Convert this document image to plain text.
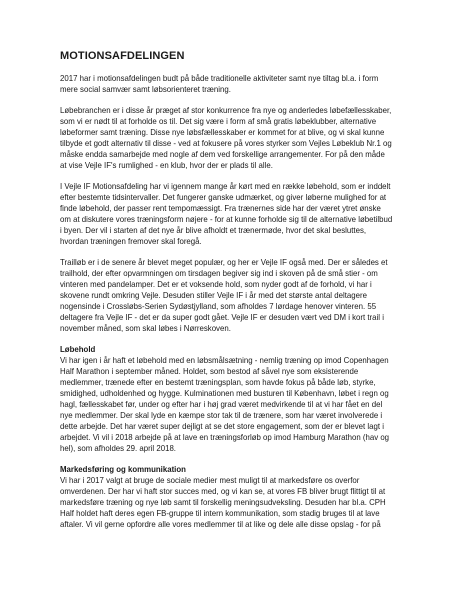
MOTIONSAFDELINGEN
2017 har i motionsafdelingen budt på både traditionelle aktiviteter samt nye tiltag bl.a. i form
mere social samvær samt løbsorienteret træning.
Løbebranchen er i disse år præget af stor konkurrence fra nye og anderledes løbefællesskaber,
som vi er nødt til at forholde os til. Det sig være i form af små gratis løbeklubber, alternative
løbeformer samt træning. Disse nye løbsfællesskaber er kommet for at blive, og vi skal kunne
tilbyde et godt alternativ til disse - ved at fokusere på vores styrker som Vejles Løbeklub Nr.1 og
måske endda samarbejde med nogle af dem ved forskellige arrangementer. For på den måde
at vise Vejle IF's rumlighed - en klub, hvor der er plads til alle.
I Vejle IF Motionsafdeling har vi igennem mange år kørt med en række løbehold, som er inddelt
efter bestemte tidsintervaller. Det fungerer ganske udmærket, og giver løberne mulighed for at
finde løbehold, der passer rent tempomæssigt. Fra trænernes side har der været ytret ønske
om at diskutere vores træningsform nøjere - for at kunne forholde sig til de alternative løbetilbud
i byen. Der vil i starten af det nye år blive afholdt et trænermøde, hvor det skal besluttes,
hvordan træningen fremover skal foregå.
Trailløb er i de senere år blevet meget populær, og her er Vejle IF også med. Der er således et
trailhold, der efter opvarmningen om tirsdagen begiver sig ind i skoven på de små stier - om
vinteren med pandelamper. Det er et voksende hold, som nyder godt af de forhold, vi har i
skovene rundt omkring Vejle. Desuden stiller Vejle IF i år med det største antal deltagere
nogensinde i Crossløbs-Serien Sydøstjylland, som afholdes 7 lørdage henover vinteren. 55
deltagere fra Vejle IF - det er da super godt gået. Vejle IF er desuden vært ved DM i kort trail i
november måned, som skal løbes i Nørreskoven.
Løbehold
Vi har igen i år haft et løbehold med en løbsmålsætning - nemlig træning op imod Copenhagen
Half Marathon i september måned. Holdet, som bestod af såvel nye som eksisterende
medlemmer, trænede efter en bestemt træningsplan, som havde fokus på både løb, styrke,
smidighed, udholdenhed og hygge. Kulminationen med busturen til København, løbet i regn og
hagl, fællesskabet før, under og efter har i høj grad været medvirkende til at vi har fået en del
nye medlemmer. Der skal lyde en kæmpe stor tak til de trænere, som har været involverede i
dette arbejde. Det har været super dejligt at se det store engagement, som der er blevet lagt i
arbejdet. Vi vil i 2018 arbejde på at lave en træningsforløb op imod Hamburg Marathon (hav og
hel), som afholdes 29. april 2018.
Markedsføring og kommunikation
Vi har i 2017 valgt at bruge de sociale medier mest muligt til at markedsføre os overfor
omverdenen. Der har vi haft stor succes med, og vi kan se, at vores FB bliver brugt flittigt til at
markedsføre træning og nye løb samt til forskellig meningsudveksling. Desuden har bl.a. CPH
Half holdet haft deres egen FB-gruppe til intern kommunikation, som stadig bruges til at lave
aftaler. Vi vil gerne opfordre alle vores medlemmer til at like og dele alle disse opslag - for på
